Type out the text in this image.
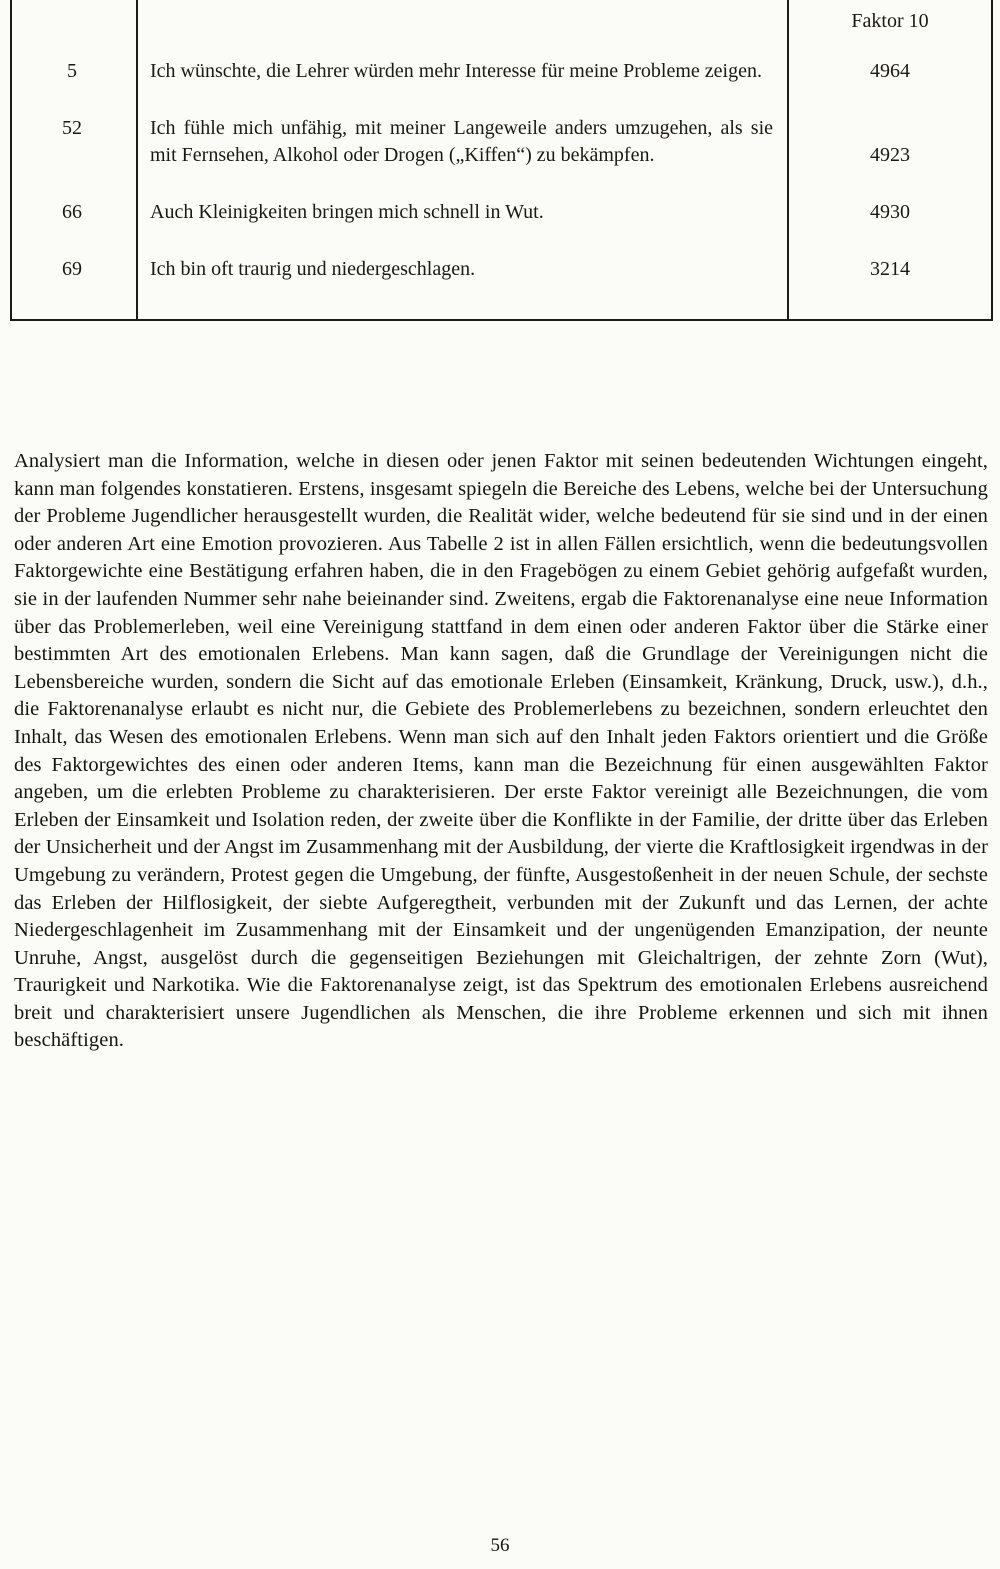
Faktor 10
5	Ich wünschte, die Lehrer würden mehr Interesse für meine Probleme zeigen.	4964
52	Ich fühle mich unfähig, mit meiner Langeweile anders umzugehen, als sie mit Fernsehen, Alkohol oder Drogen („Kiffen“) zu bekämpfen.	4923
66	Auch Kleinigkeiten bringen mich schnell in Wut.	4930
69	Ich bin oft traurig und niedergeschlagen.	3214
Analysiert man die Information, welche in diesen oder jenen Faktor mit seinen bedeutenden Wichtungen eingeht, kann man folgendes konstatieren. Erstens, insgesamt spiegeln die Bereiche des Lebens, welche bei der Untersuchung der Probleme Jugendlicher herausgestellt wurden, die Realität wider, welche bedeutend für sie sind und in der einen oder anderen Art eine Emotion provozieren. Aus Tabelle 2 ist in allen Fällen ersichtlich, wenn die bedeutungsvollen Faktorgewichte eine Bestätigung erfahren haben, die in den Fragebögen zu einem Gebiet gehörig aufgefaßt wurden, sie in der laufenden Nummer sehr nahe beieinander sind. Zweitens, ergab die Faktorenanalyse eine neue Information über das Problemerleben, weil eine Vereinigung stattfand in dem einen oder anderen Faktor über die Stärke einer bestimmten Art des emotionalen Erlebens. Man kann sagen, daß die Grundlage der Vereinigungen nicht die Lebensbereiche wurden, sondern die Sicht auf das emotionale Erleben (Einsamkeit, Kränkung, Druck, usw.), d.h., die Faktorenanalyse erlaubt es nicht nur, die Gebiete des Problemerlebens zu bezeichnen, sondern erleuchtet den Inhalt, das Wesen des emotionalen Erlebens. Wenn man sich auf den Inhalt jeden Faktors orientiert und die Größe des Faktorgewichtes des einen oder anderen Items, kann man die Bezeichnung für einen ausgewählten Faktor angeben, um die erlebten Probleme zu charakterisieren. Der erste Faktor vereinigt alle Bezeichnungen, die vom Erleben der Einsamkeit und Isolation reden, der zweite über die Konflikte in der Familie, der dritte über das Erleben der Unsicherheit und der Angst im Zusammenhang mit der Ausbildung, der vierte die Kraftlosigkeit irgendwas in der Umgebung zu verändern, Protest gegen die Umgebung, der fünfte, Ausgestoßenheit in der neuen Schule, der sechste das Erleben der Hilflosigkeit, der siebte Aufgeregtheit, verbunden mit der Zukunft und das Lernen, der achte Niedergeschlagenheit im Zusammenhang mit der Einsamkeit und der ungenügenden Emanzipation, der neunte Unruhe, Angst, ausgelöst durch die gegenseitigen Beziehungen mit Gleichaltrigen, der zehnte Zorn (Wut), Traurigkeit und Narkotika. Wie die Faktorenanalyse zeigt, ist das Spektrum des emotionalen Erlebens ausreichend breit und charakterisiert unsere Jugendlichen als Menschen, die ihre Probleme erkennen und sich mit ihnen beschäftigen.
56
